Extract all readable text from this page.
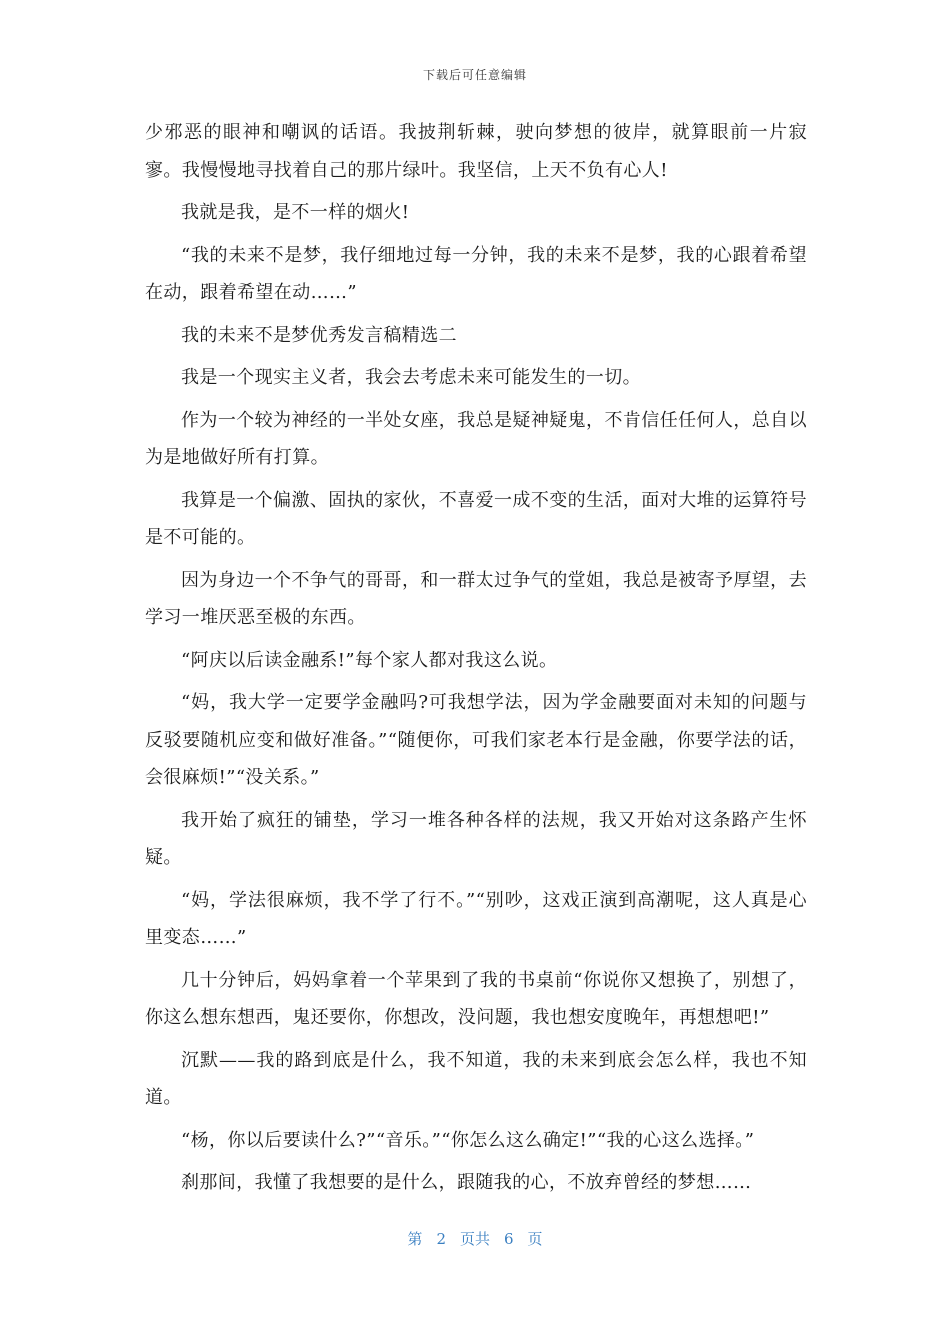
下载后可任意编辑

少邪恶的眼神和嘲讽的话语。我披荆斩棘，驶向梦想的彼岸，就算眼前一片寂寥。我慢慢地寻找着自己的那片绿叶。我坚信，上天不负有心人!

我就是我，是不一样的烟火!

“我的未来不是梦，我仔细地过每一分钟，我的未来不是梦，我的心跟着希望在动，跟着希望在动……”

我的未来不是梦优秀发言稿精选二

我是一个现实主义者，我会去考虑未来可能发生的一切。

作为一个较为神经的一半处女座，我总是疑神疑鬼，不肯信任任何人，总自以为是地做好所有打算。

我算是一个偏激、固执的家伙，不喜爱一成不变的生活，面对大堆的运算符号是不可能的。

因为身边一个不争气的哥哥，和一群太过争气的堂姐，我总是被寄予厚望，去学习一堆厌恶至极的东西。

“阿庆以后读金融系!”每个家人都对我这么说。

“妈，我大学一定要学金融吗?可我想学法，因为学金融要面对未知的问题与反驳要随机应变和做好准备。”“随便你，可我们家老本行是金融，你要学法的话，会很麻烦!”“没关系。”

我开始了疯狂的铺垫，学习一堆各种各样的法规，我又开始对这条路产生怀疑。

“妈，学法很麻烦，我不学了行不。”“别吵，这戏正演到高潮呢，这人真是心里变态……”

几十分钟后，妈妈拿着一个苹果到了我的书桌前“你说你又想换了，别想了，你这么想东想西，鬼还要你，你想改，没问题，我也想安度晚年，再想想吧!”

沉默——我的路到底是什么，我不知道，我的未来到底会怎么样，我也不知道。

“杨，你以后要读什么?”“音乐。”“你怎么这么确定!”“我的心这么选择。”

刹那间，我懂了我想要的是什么，跟随我的心，不放弃曾经的梦想……

第 2 页共 6 页
